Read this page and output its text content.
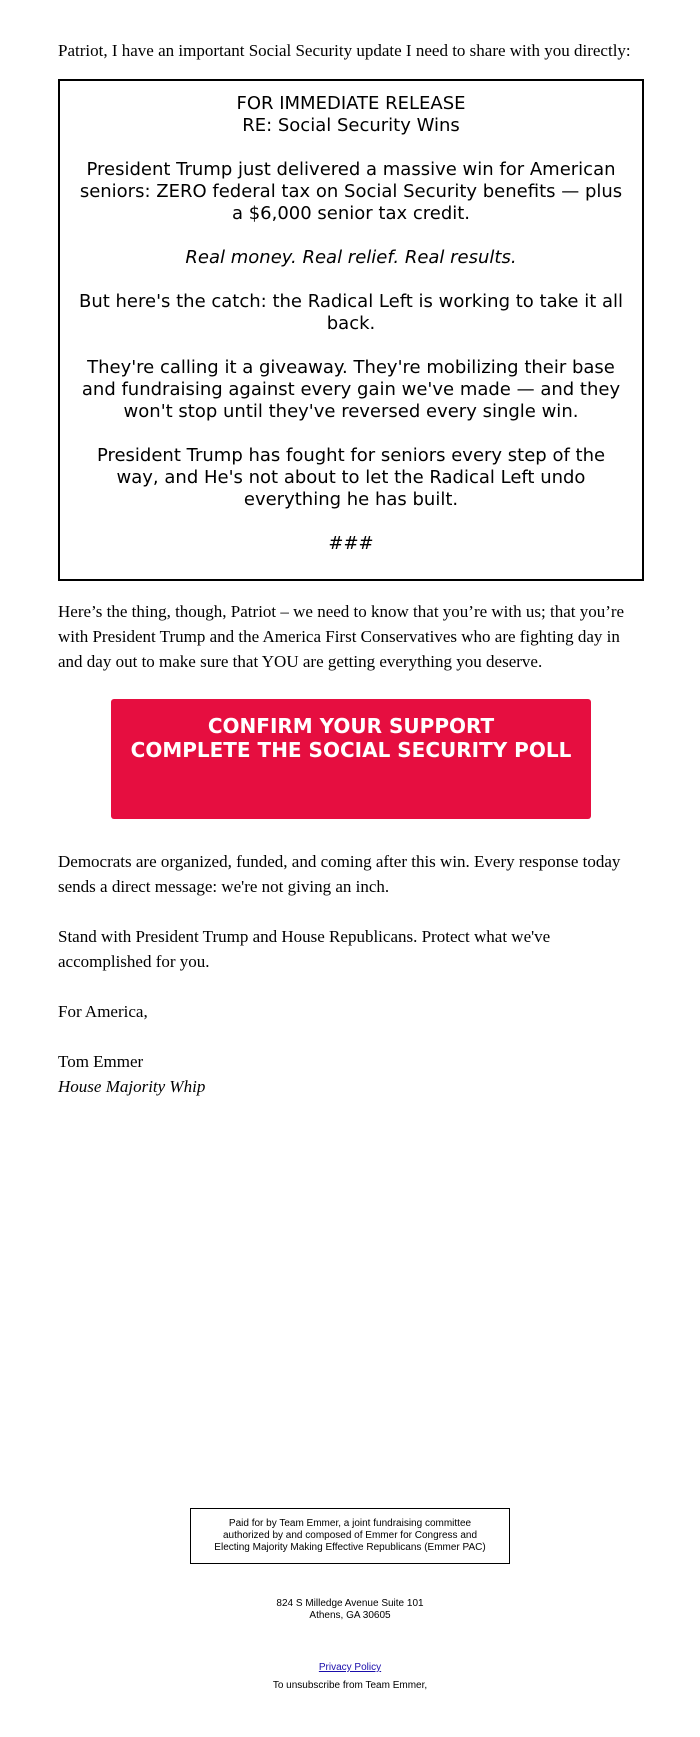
Patriot, I have an important Social Security update I need to share with you directly:

FOR IMMEDIATE RELEASE

RE: Social Security Wins

President Trump just delivered a massive win for American seniors: ZERO federal tax on Social Security benefits — plus a $6,000 senior tax credit.

Real money. Real relief. Real results.

But here's the catch: the Radical Left is working to take it all back.

They're calling it a giveaway. They're mobilizing their base and fundraising against every gain we've made — and they won't stop until they've reversed every single win.

President Trump has fought for seniors every step of the way, and He's not about to let the Radical Left undo everything he has built.

###

Here’s the thing, though, Patriot – we need to know that you’re with us; that you’re with President Trump and the America First Conservatives who are fighting day in and day out to make sure that YOU are getting everything you deserve.

CONFIRM YOUR SUPPORT
COMPLETE THE SOCIAL SECURITY POLL

Democrats are organized, funded, and coming after this win. Every response today sends a direct message: we're not giving an inch.

Stand with President Trump and House Republicans. Protect what we've accomplished for you.

For America,

Tom Emmer

House Majority Whip

Paid for by Team Emmer, a joint fundraising committee
authorized by and composed of Emmer for Congress and
Electing Majority Making Effective Republicans (Emmer PAC)
824 S Milledge Avenue Suite 101
Athens, GA 30605
Privacy Policy
To unsubscribe from Team Emmer,
